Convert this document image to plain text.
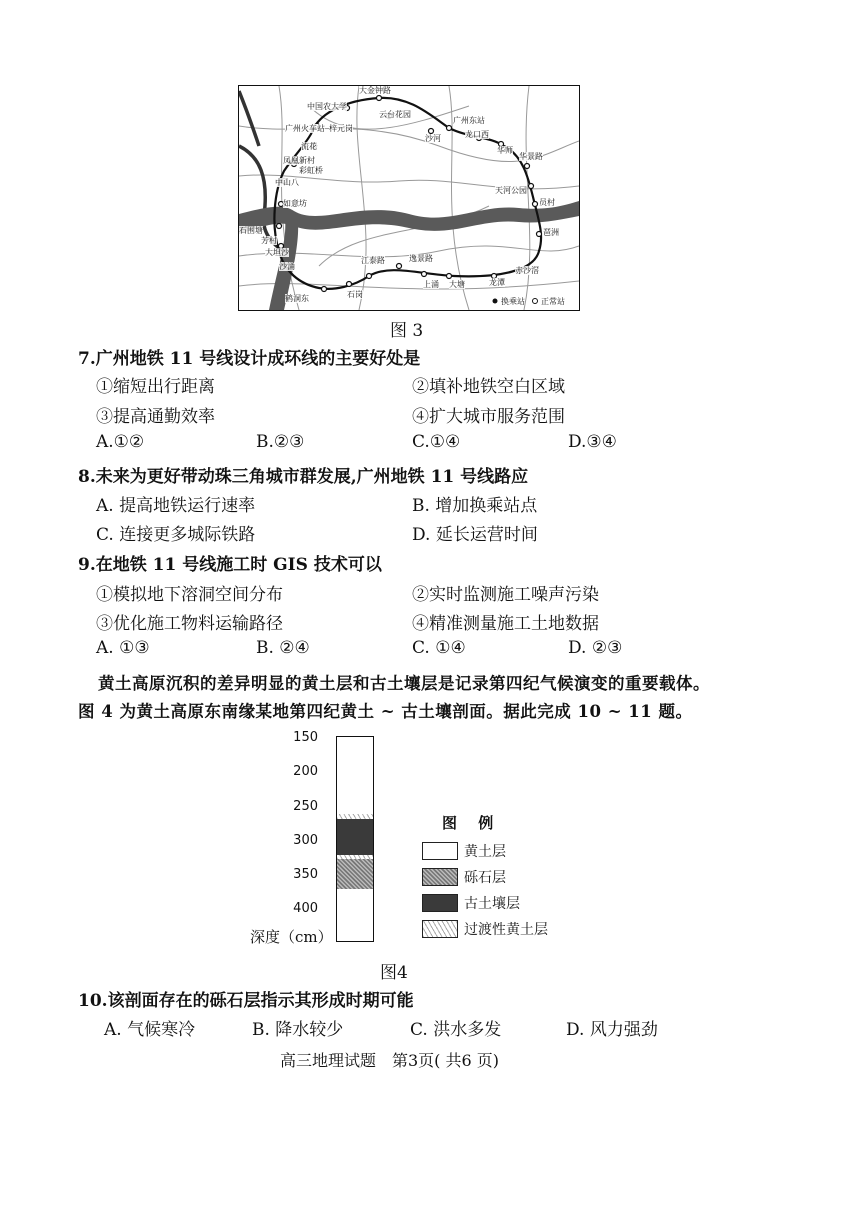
大金钟路
中国农大学
广州火车站 梓元岗
云台花园
广州东站
沙河	龙口西
华师
华景路
天河公园
员村
琶洲
赤沙滘
龙潭
大塘
上涌
逸景路
石岗
江泰路
鹤洞东
沙涌
大坦沙
芳村
石围塘
如意坊
中山八
彩虹桥
流花
凤凰新村
换乘站 正常站
图 3
7.广州地铁 11 号线设计成环线的主要好处是
①缩短出行距离	②填补地铁空白区域
③提高通勤效率	④扩大城市服务范围
A.①②	B.②③	C.①④	D.③④
8.未来为更好带动珠三角城市群发展,广州地铁 11 号线路应
A. 提高地铁运行速率	B. 增加换乘站点
C. 连接更多城际铁路	D. 延长运营时间
9.在地铁 11 号线施工时 GIS 技术可以
①模拟地下溶洞空间分布	②实时监测施工噪声污染
③优化施工物料运输路径	④精准测量施工土地数据
A. ①③	B. ②④	C. ①④	D. ②③
黄土高原沉积的差异明显的黄土层和古土壤层是记录第四纪气候演变的重要载体。
图 4 为黄土高原东南缘某地第四纪黄土 ~ 古土壤剖面。据此完成 10 ~ 11 题。
150
200
250
300
350
400
深度（cm）
图 例
黄土层
砾石层
古土壤层
过渡性黄土层
图4
10.该剖面存在的砾石层指示其形成时期可能
A. 气候寒冷	B. 降水较少	C. 洪水多发	D. 风力强劲
高三地理试题　第3页( 共6 页)
